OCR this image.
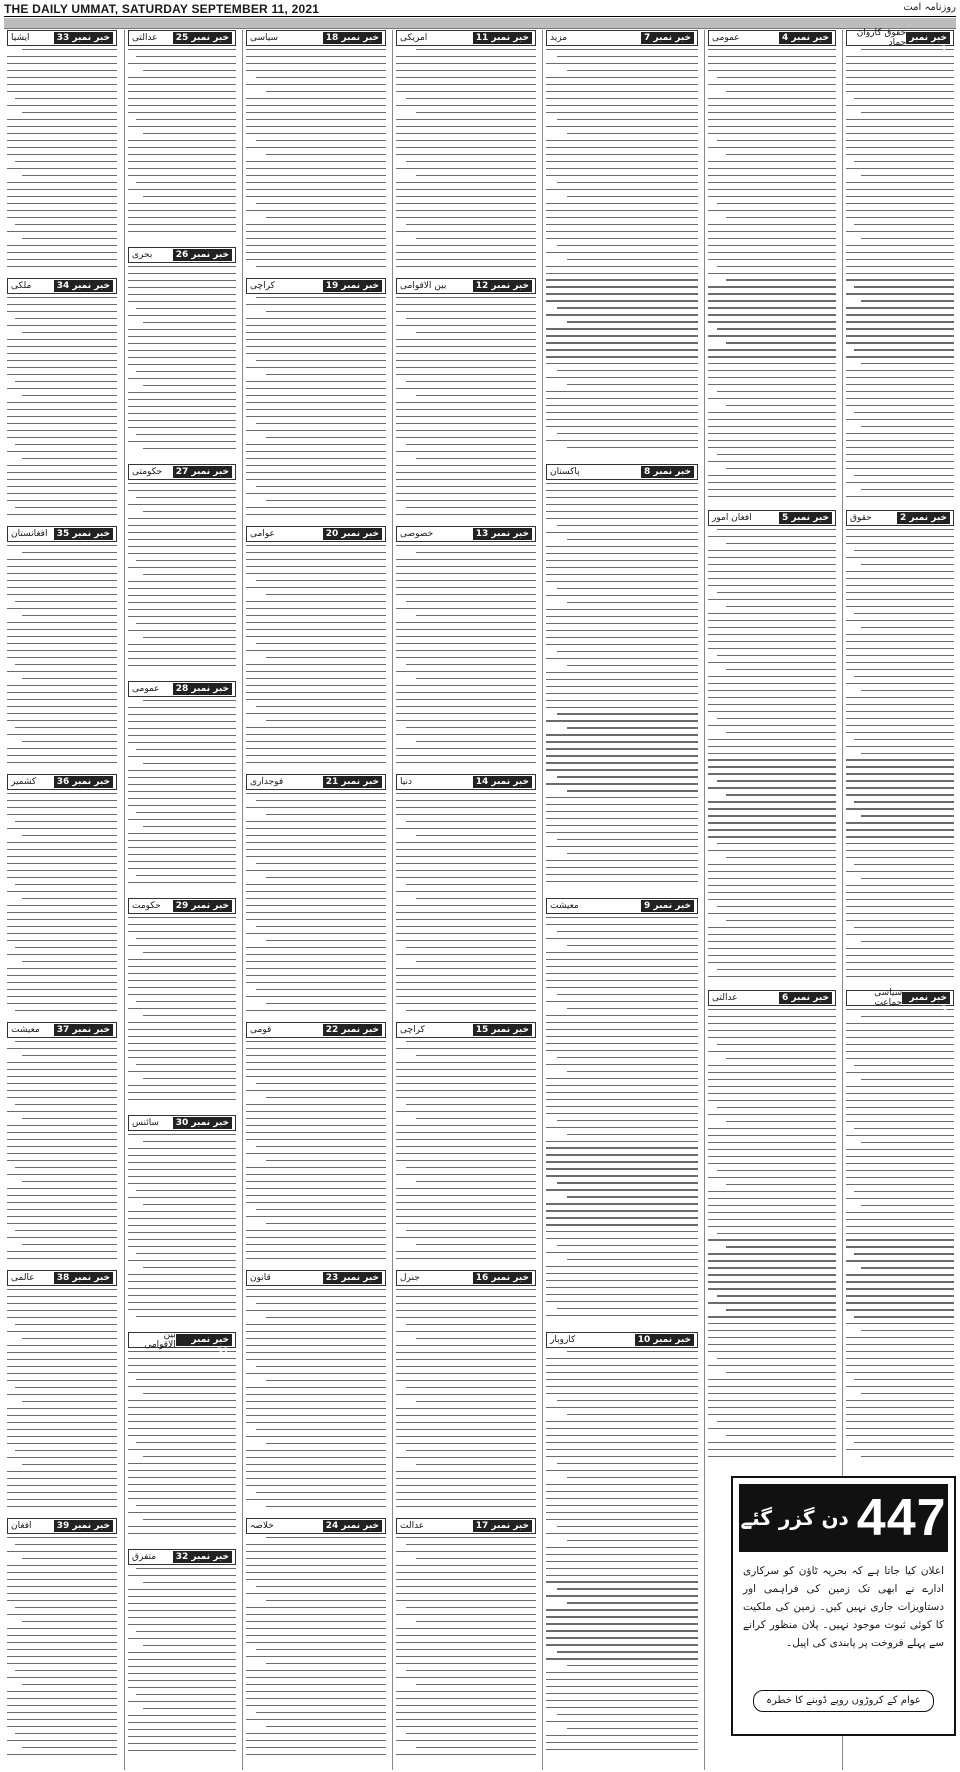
THE DAILY UMMAT, SATURDAY SEPTEMBER 11, 2021	روزنامہ امت
خبر نمبر 1
حقوق کاروان حماد
خبر نمبر 2
حقوق
خبر نمبر 3
سیاسی جماعت
خبر نمبر 4
عمومی
خبر نمبر 5
افغان امور
خبر نمبر 6
عدالتی
خبر نمبر 7
مزید
خبر نمبر 8
پاکستان
خبر نمبر 9
معیشت
خبر نمبر 10
کاروبار
خبر نمبر 11
امریکی
خبر نمبر 12
بین الاقوامی
خبر نمبر 13
خصوصی
خبر نمبر 14
دنیا
خبر نمبر 15
کراچی
خبر نمبر 16
جنرل
خبر نمبر 17
عدالت
خبر نمبر 18
سیاسی
خبر نمبر 19
کراچی
خبر نمبر 20
عوامی
خبر نمبر 21
فوجداری
خبر نمبر 22
قومی
خبر نمبر 23
قانون
خبر نمبر 24
خلاصہ
خبر نمبر 25
عدالتی
خبر نمبر 26
بحری
خبر نمبر 27
حکومتی
خبر نمبر 28
عمومی
خبر نمبر 29
حکومت
خبر نمبر 30
سائنس
خبر نمبر 31
بین الاقوامی
خبر نمبر 32
متفرق
خبر نمبر 33
ایشیا
خبر نمبر 34
ملکی
خبر نمبر 35
افغانستان
خبر نمبر 36
کشمیر
خبر نمبر 37
معیشت
خبر نمبر 38
عالمی
خبر نمبر 39
افغان	دن گزر گئے 447
اعلان کیا جاتا ہے کہ بحریہ ٹاؤن کو سرکاری ادارے نے ابھی تک زمین کی فراہمی اور دستاویزات جاری نہیں کیں۔ زمین کی ملکیت کا کوئی ثبوت موجود نہیں۔ پلان منظور کرانے سے پہلے فروخت پر پابندی کی اپیل۔
عوام کے کروڑوں روپے ڈوبنے کا خطرہ
